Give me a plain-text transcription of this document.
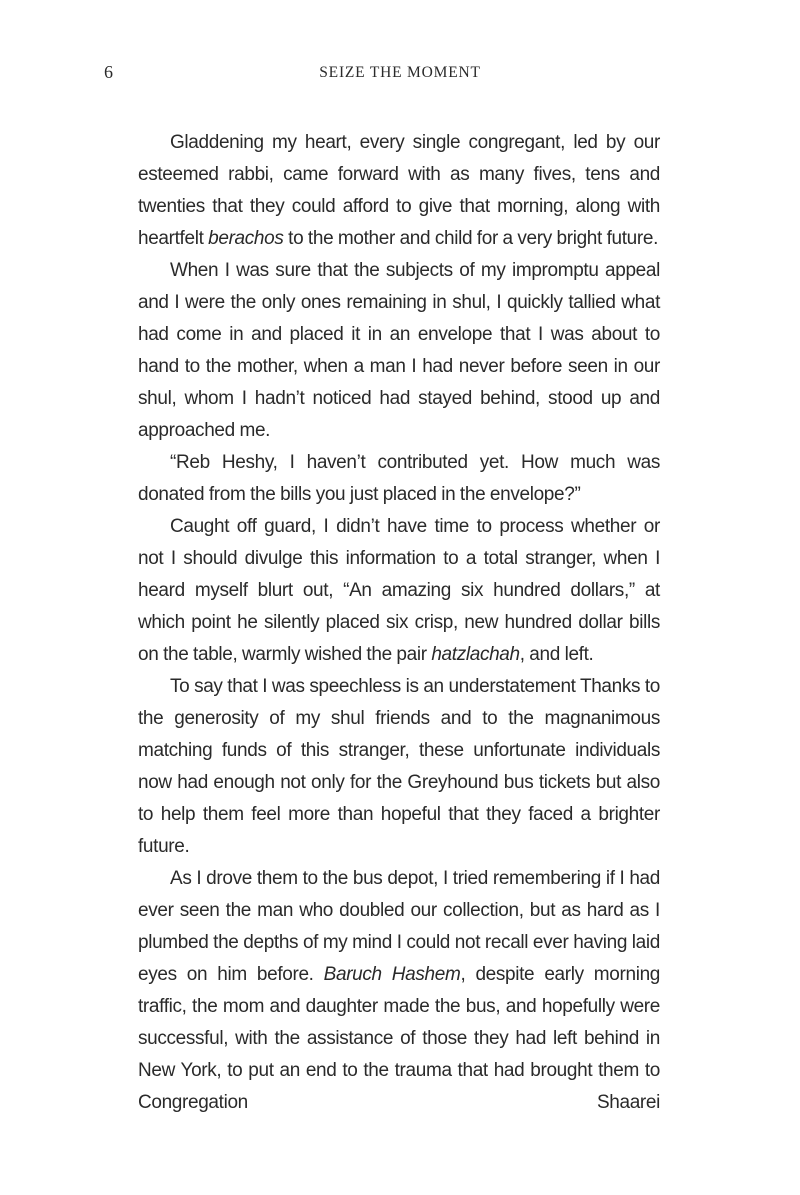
6	SEIZE THE MOMENT

Gladdening my heart, every single congregant, led by our esteemed rabbi, came forward with as many fives, tens and twenties that they could afford to give that morning, along with heartfelt berachos to the mother and child for a very bright future.

When I was sure that the subjects of my impromptu appeal and I were the only ones remaining in shul, I quickly tallied what had come in and placed it in an envelope that I was about to hand to the mother, when a man I had never before seen in our shul, whom I hadn’t noticed had stayed behind, stood up and approached me.

“Reb Heshy, I haven’t contributed yet. How much was donated from the bills you just placed in the envelope?”

Caught off guard, I didn’t have time to process whether or not I should divulge this information to a total stranger, when I heard myself blurt out, “An amazing six hundred dollars,” at which point he silently placed six crisp, new hundred dollar bills on the table, warmly wished the pair hatzlachah, and left.

To say that I was speechless is an understatement Thanks to the generosity of my shul friends and to the magnanimous matching funds of this stranger, these unfortunate individuals now had enough not only for the Greyhound bus tickets but also to help them feel more than hopeful that they faced a brighter future.

As I drove them to the bus depot, I tried remembering if I had ever seen the man who doubled our collection, but as hard as I plumbed the depths of my mind I could not recall ever having laid eyes on him before. Baruch Hashem, despite early morning traffic, the mom and daughter made the bus, and hopefully were successful, with the assistance of those they had left behind in New York, to put an end to the trauma that had brought them to Congregation Shaarei
